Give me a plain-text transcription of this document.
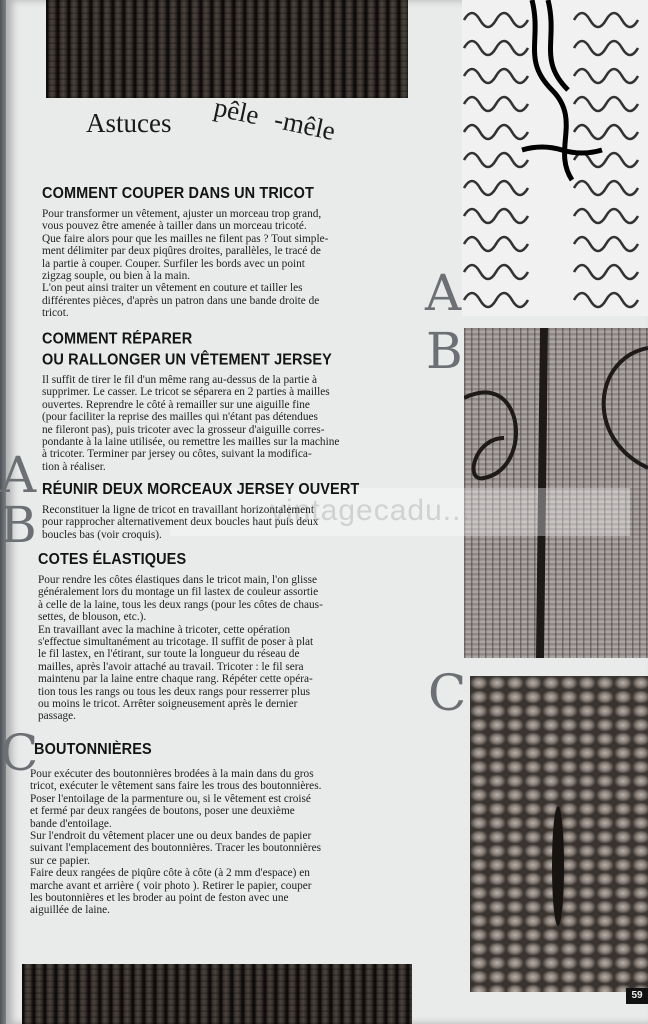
Astuces pêle -mêle
A
B
C
A
B
C
COMMENT COUPER DANS UN TRICOT

Pour transformer un vêtement, ajuster un morceau trop grand,
vous pouvez être amenée à tailler dans un morceau tricoté.
Que faire alors pour que les mailles ne filent pas ? Tout simple-
ment délimiter par deux piqûres droites, parallèles, le tracé de
la partie à couper. Couper. Surfiler les bords avec un point
zigzag souple, ou bien à la main.
L'on peut ainsi traiter un vêtement en couture et tailler les
différentes pièces, d'après un patron dans une bande droite de
tricot.

COMMENT RÉPARER
OU RALLONGER UN VÊTEMENT JERSEY

Il suffit de tirer le fil d'un même rang au-dessus de la partie à
supprimer. Le casser. Le tricot se séparera en 2 parties à mailles
ouvertes. Reprendre le côté à remailler sur une aiguille fine
(pour faciliter la reprise des mailles qui n'étant pas détendues
ne fileront pas), puis tricoter avec la grosseur d'aiguille corres-
pondante à la laine utilisée, ou remettre les mailles sur la machine
à tricoter. Terminer par jersey ou côtes, suivant la modifica-
tion à réaliser.

vintagecadu...
RÉUNIR DEUX MORCEAUX JERSEY OUVERT

Reconstituer la ligne de tricot en travaillant horizontalement
pour rapprocher alternativement deux boucles haut puis deux
boucles bas (voir croquis).

COTES ÉLASTIQUES

Pour rendre les côtes élastiques dans le tricot main, l'on glisse
généralement lors du montage un fil lastex de couleur assortie
à celle de la laine, tous les deux rangs (pour les côtes de chaus-
settes, de blouson, etc.).
En travaillant avec la machine à tricoter, cette opération
s'effectue simultanément au tricotage. Il suffit de poser à plat
le fil lastex, en l'étirant, sur toute la longueur du réseau de
mailles, après l'avoir attaché au travail. Tricoter : le fil sera
maintenu par la laine entre chaque rang. Répéter cette opéra-
tion tous les rangs ou tous les deux rangs pour resserrer plus
ou moins le tricot. Arrêter soigneusement après le dernier
passage.

BOUTONNIÈRES

Pour exécuter des boutonnières brodées à la main dans du gros
tricot, exécuter le vêtement sans faire les trous des boutonnières.
Poser l'entoilage de la parmenture ou, si le vêtement est croisé
et fermé par deux rangées de boutons, poser une deuxième
bande d'entoilage.
Sur l'endroit du vêtement placer une ou deux bandes de papier
suivant l'emplacement des boutonnières. Tracer les boutonnières
sur ce papier.
Faire deux rangées de piqûre côte à côte (à 2 mm d'espace) en
marche avant et arrière ( voir photo ). Retirer le papier, couper
les boutonnières et les broder au point de feston avec une
aiguillée de laine.

59
